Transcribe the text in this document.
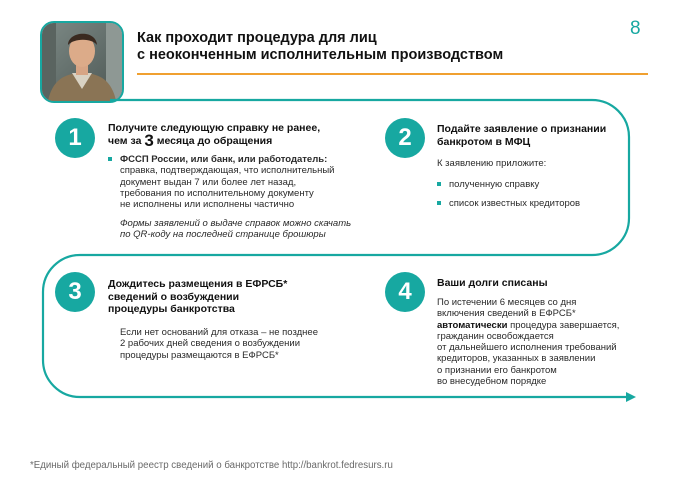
Как проходит процедура для лиц
с неоконченным исполнительным производством
8
1	Получите следующую справку не ранее,
чем за 3 месяца до обращения
ФССП России, или банк, или работодатель:
справка, подтверждающая, что исполнительный
документ выдан 7 или более лет назад,
требования по исполнительному документу
не исполнены или исполнены частично
Формы заявлений о выдаче справок можно скачать
по QR-коду на последней странице брошюры
2	Подайте заявление о признании
банкротом в МФЦ
К заявлению приложите:
полученную справку
список известных кредиторов
3	Дождитесь размещения в ЕФРСБ*
сведений о возбуждении
процедуры банкротства
Если нет оснований для отказа – не позднее
2 рабочих дней сведения о возбуждении
процедуры размещаются в ЕФРСБ*
4	Ваши долги списаны
По истечении 6 месяцев со дня
включения сведений в ЕФРСБ*
автоматически процедура завершается,
гражданин освобождается
от дальнейшего исполнения требований
кредиторов, указанных в заявлении
о признании его банкротом
во внесудебном порядке
*Единый федеральный реестр сведений о банкротстве http://bankrot.fedresurs.ru
